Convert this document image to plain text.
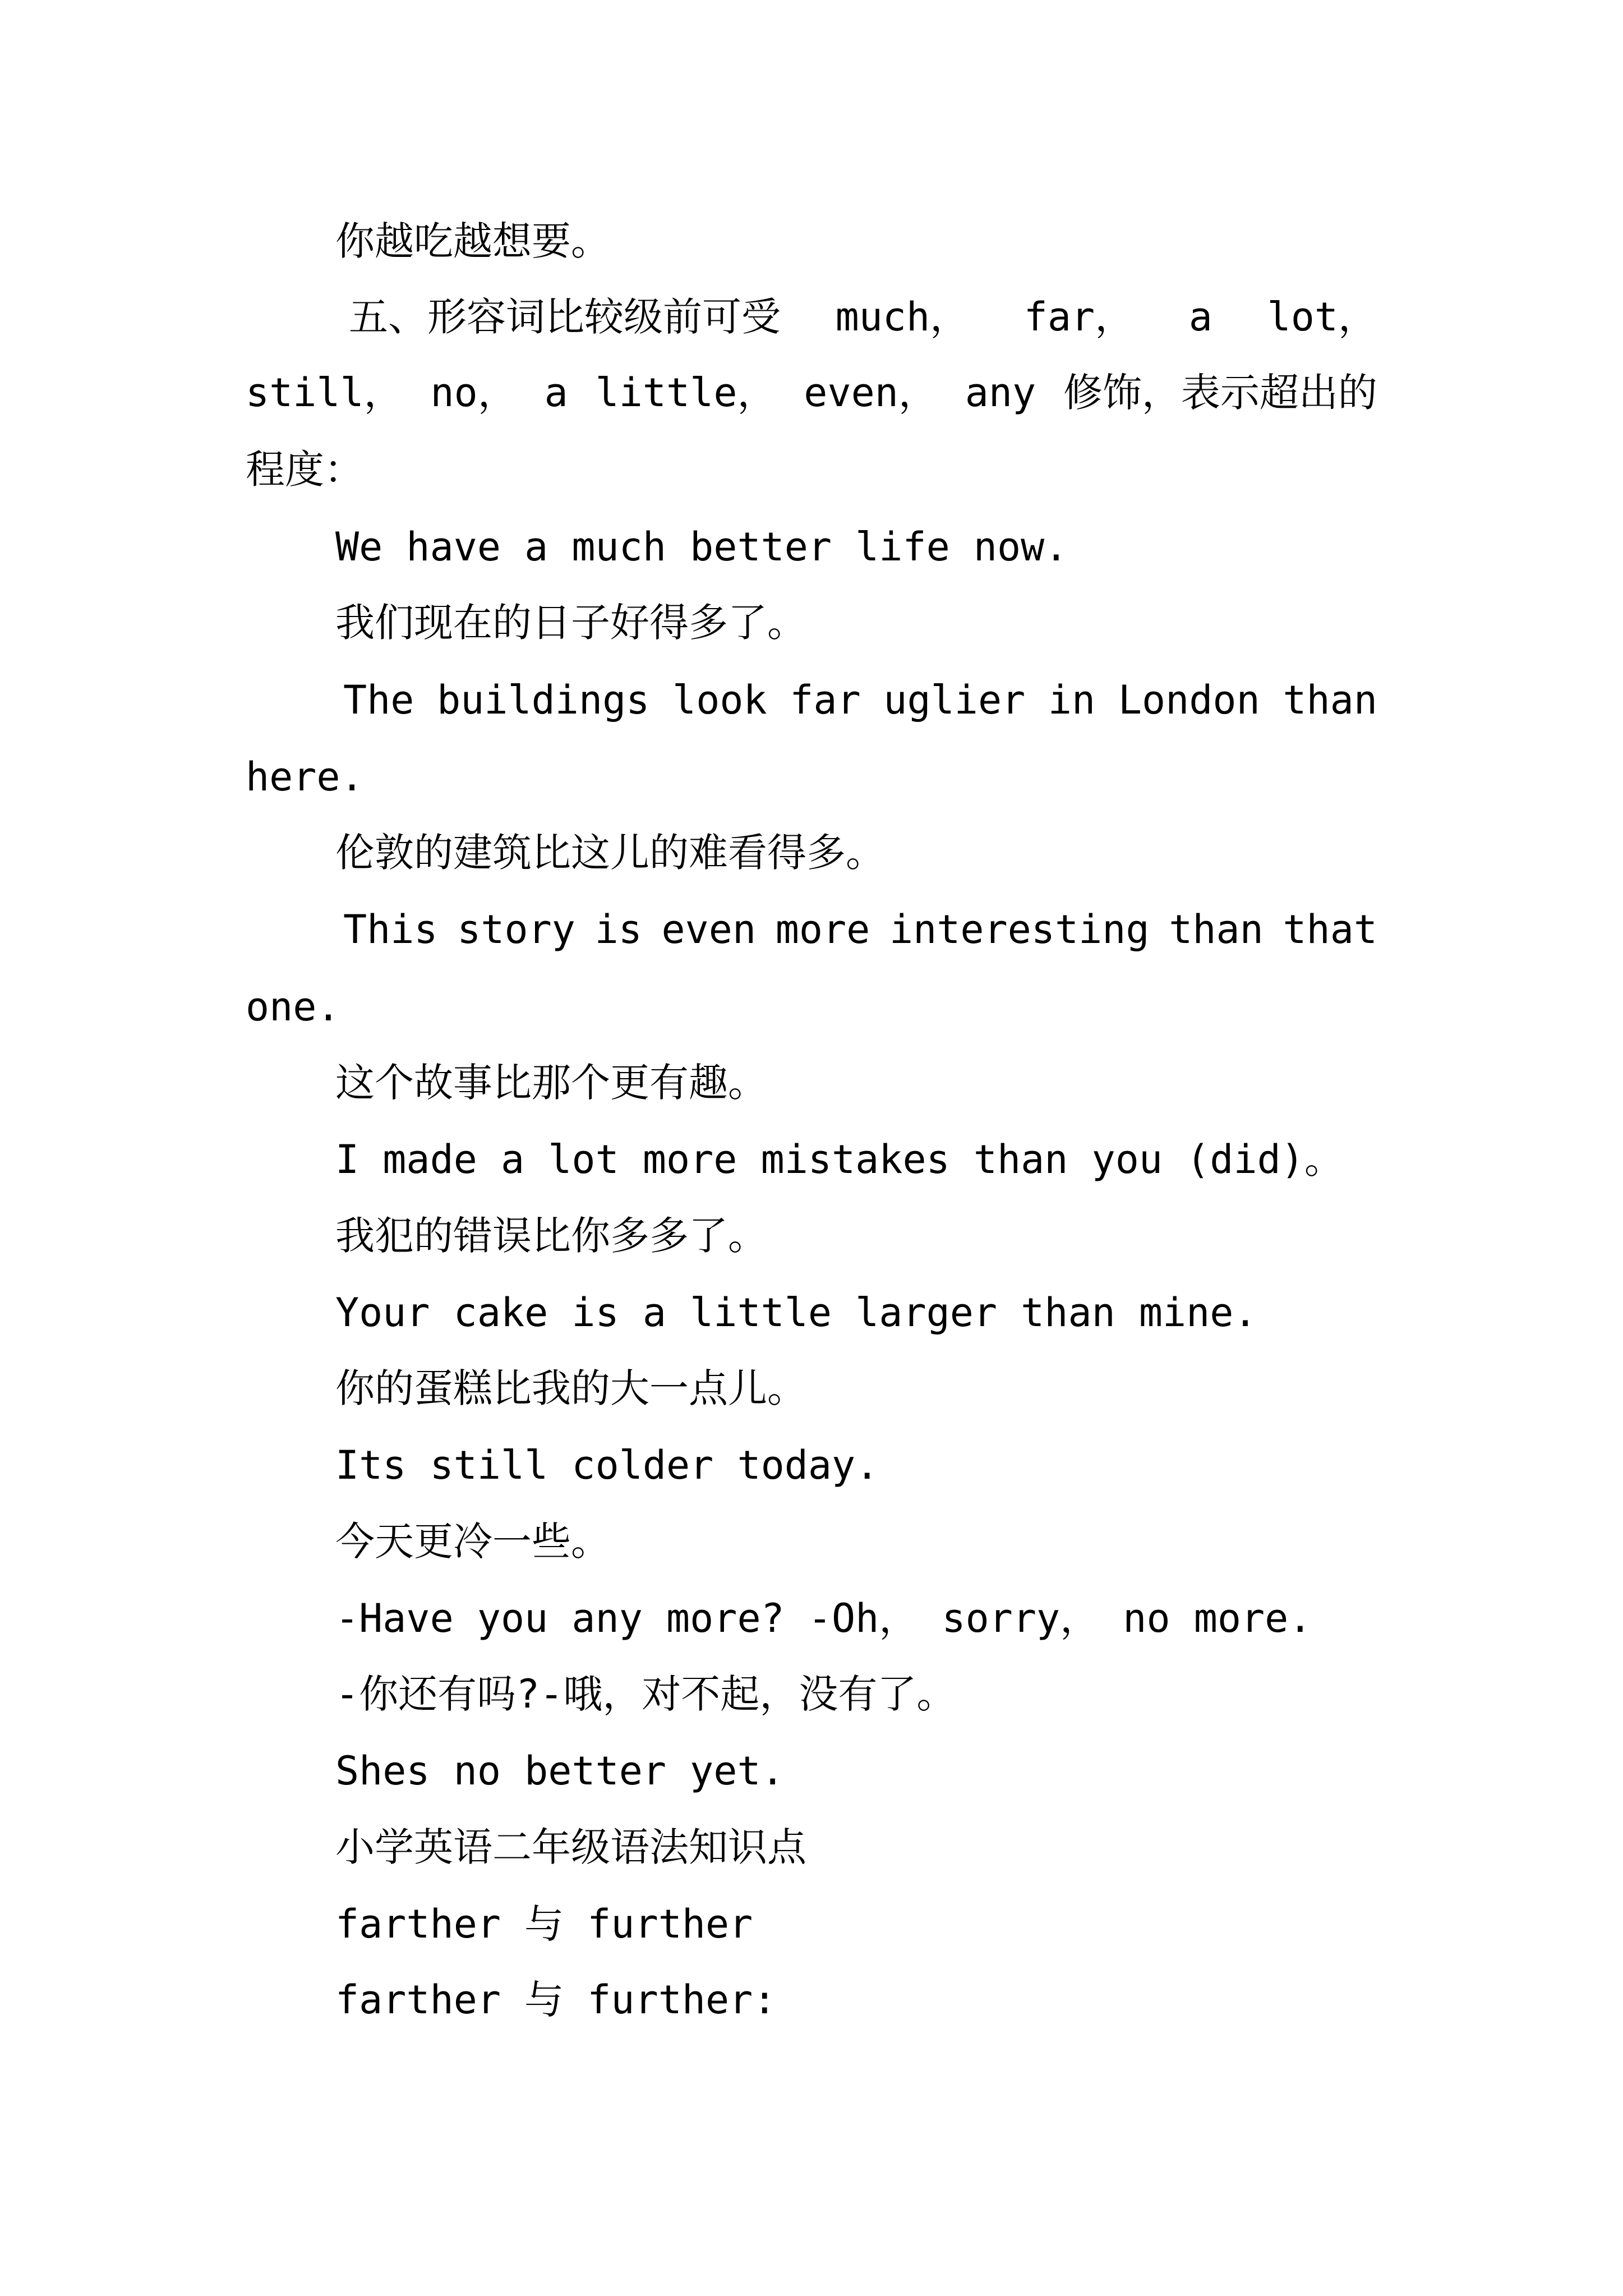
你越吃越想要。

五、形容词比较级前可受 much， far， a lot，

still， no， a little， even， any 修饰，表示超出的

程度：

We have a much better life now.

我们现在的日子好得多了。

The buildings look far uglier in London than

here.

伦敦的建筑比这儿的难看得多。

This story is even more interesting than that

one.

这个故事比那个更有趣。

I made a lot more mistakes than you (did)。

我犯的错误比你多多了。

Your cake is a little larger than mine.

你的蛋糕比我的大一点儿。

Its still colder today.

今天更冷一些。

-Have you any more? -Oh， sorry， no more.

-你还有吗?-哦，对不起，没有了。

Shes no better yet.

小学英语二年级语法知识点

farther 与 further

farther 与 further:
